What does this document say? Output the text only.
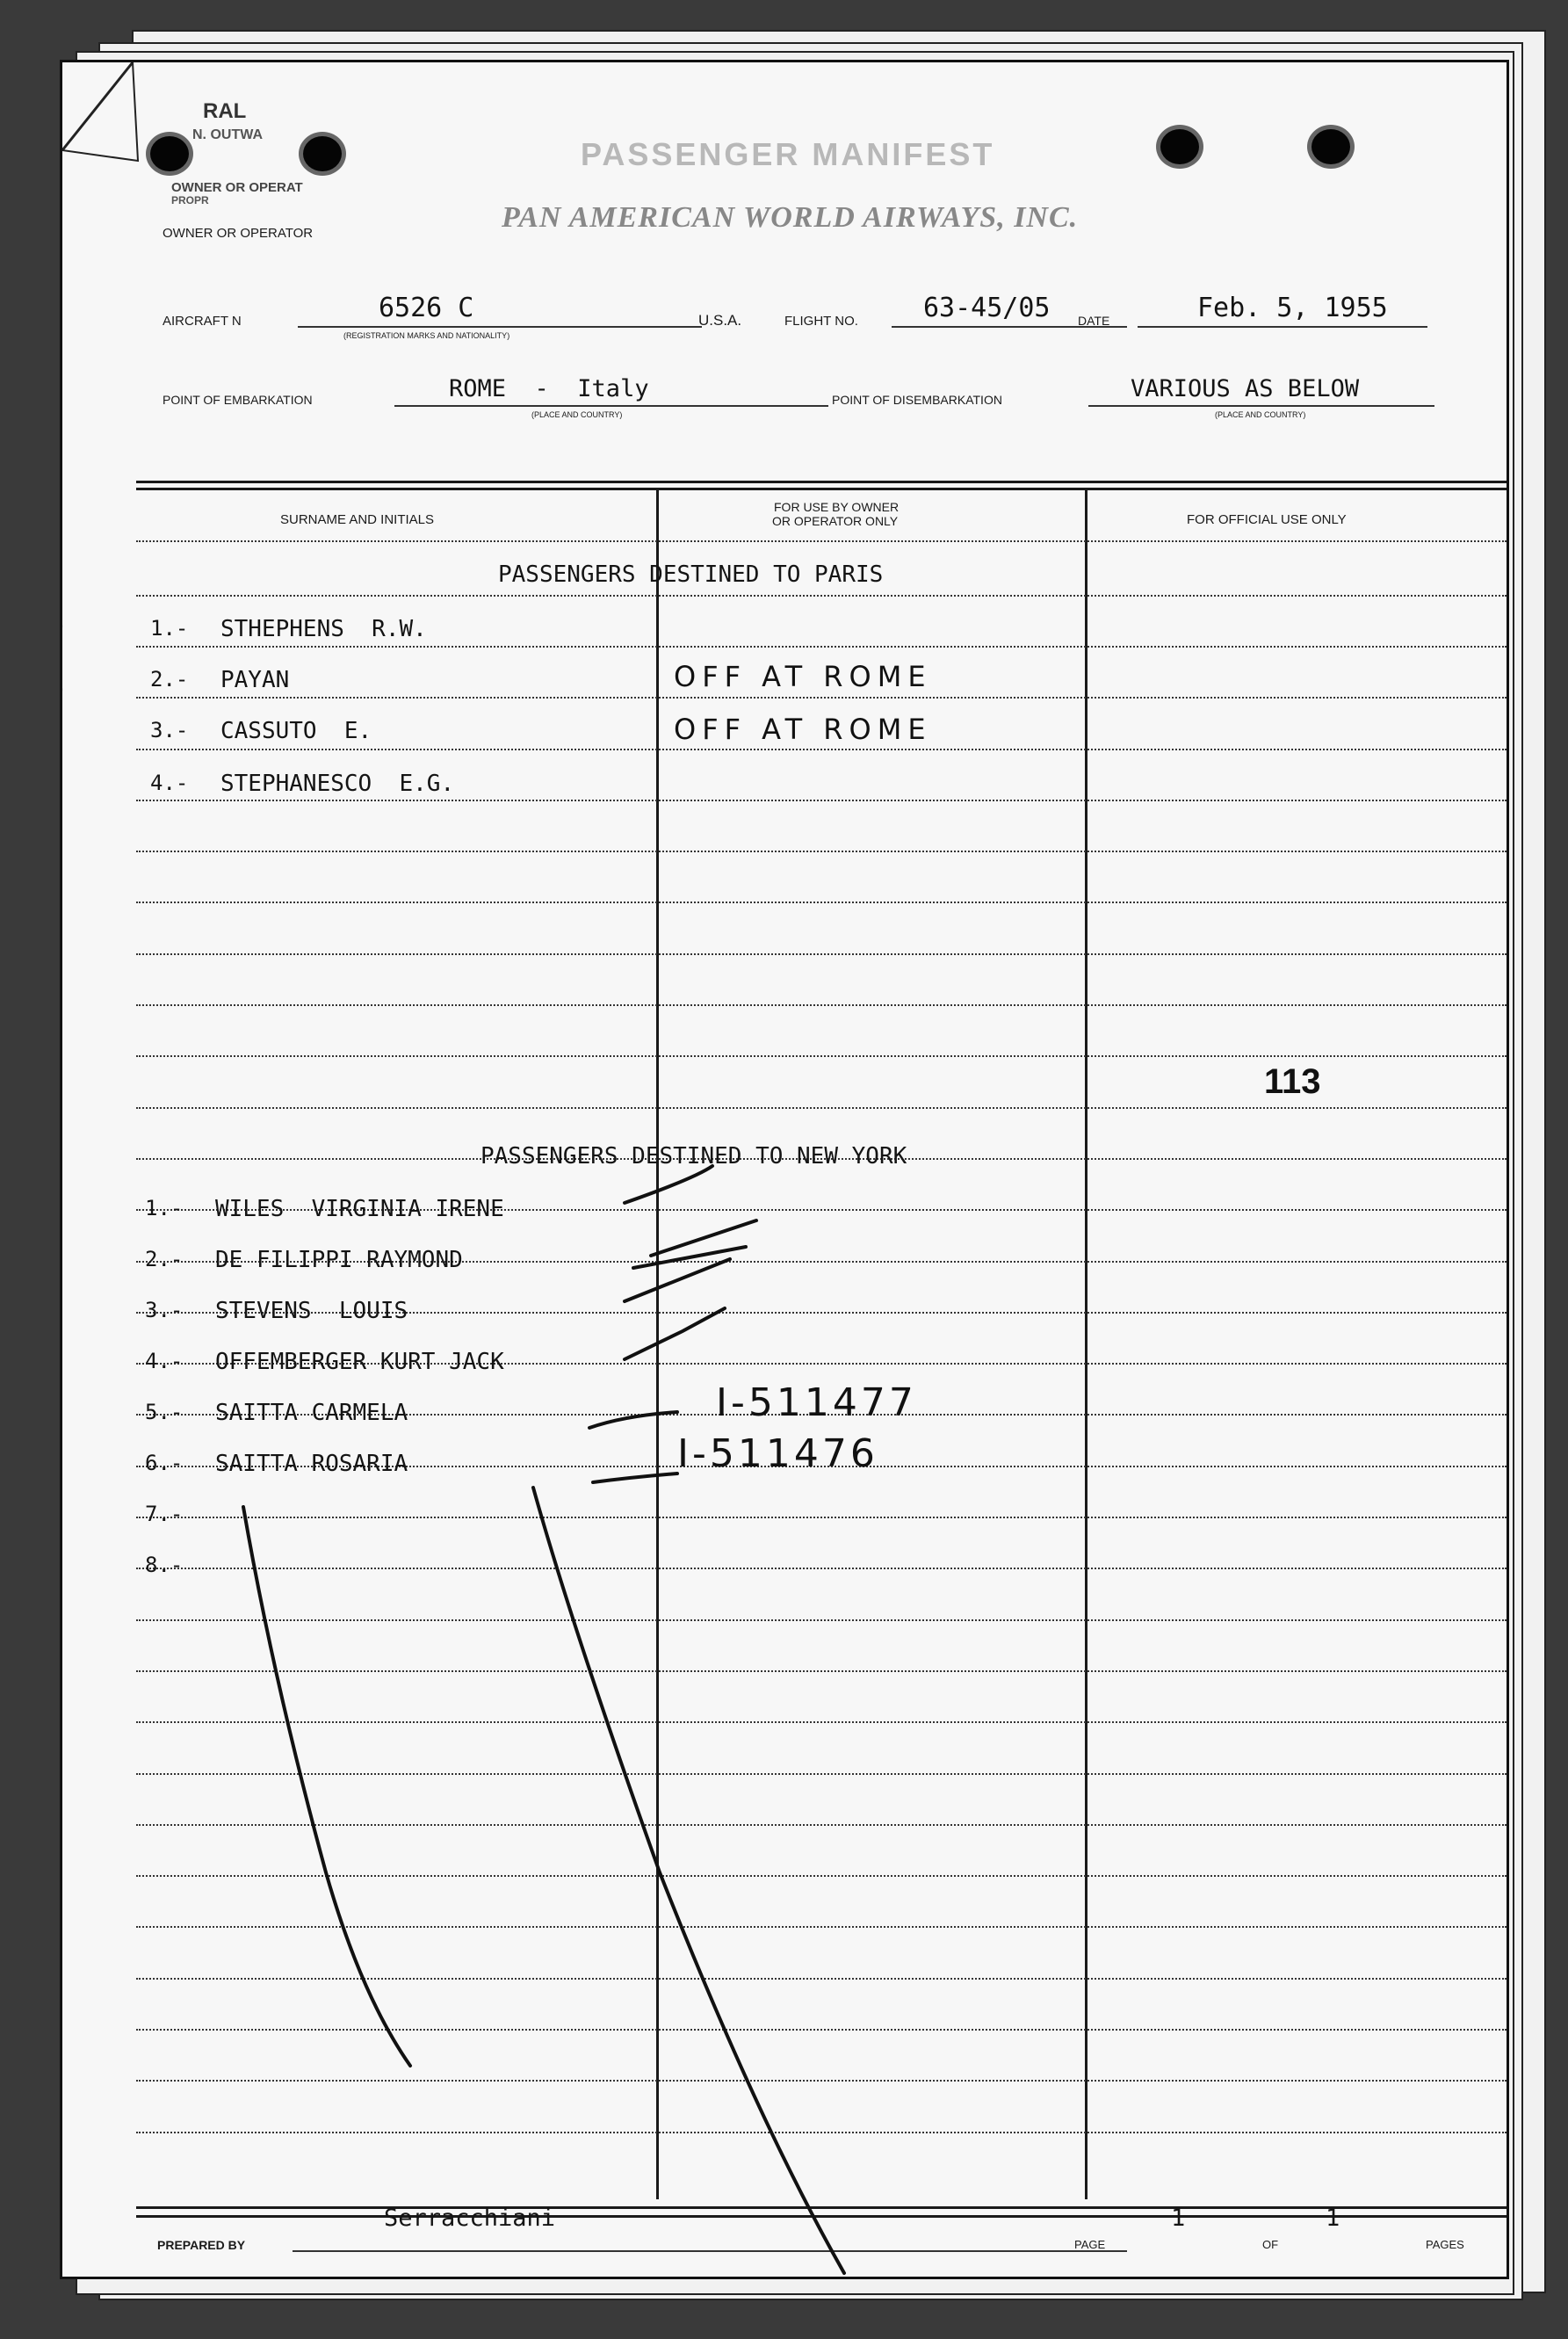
RAL
N. OUTWA
OWNER OR OPERAT
PROPR
OWNER OR OPERATOR
PASSENGER MANIFEST
PAN AMERICAN WORLD AIRWAYS, INC.
AIRCRAFT N	6526 C
(REGISTRATION MARKS AND NATIONALITY)
U.S.A.	FLIGHT NO. 63-45/05 DATE	Feb. 5, 1955
POINT OF EMBARKATION	ROME  -  Italy
(PLACE AND COUNTRY)
POINT OF DISEMBARKATION	VARIOUS AS BELOW
(PLACE AND COUNTRY)
SURNAME AND INITIALS
FOR USE BY OWNER
OR OPERATOR ONLY	FOR OFFICIAL USE ONLY
PASSENGERS DESTINED TO PARIS
1.-	STHEPHENS  R.W.
2.-	PAYAN	OFF AT ROME
3.-	CASSUTO  E.	OFF AT ROME
4.-	STEPHANESCO  E.G.
113
PASSENGERS DESTINED TO NEW YORK
1.-	WILES  VIRGINIA IRENE
2.-	DE FILIPPI RAYMOND
3.-	STEVENS  LOUIS
4.-	OFFEMBERGER KURT JACK
5.-	SAITTA CARMELA	I-511477
6.-	SAITTA ROSARIA	I-511476
7.-
8.-
PREPARED BY
Serracchiani
PAGE
1
OF
1
PAGES
